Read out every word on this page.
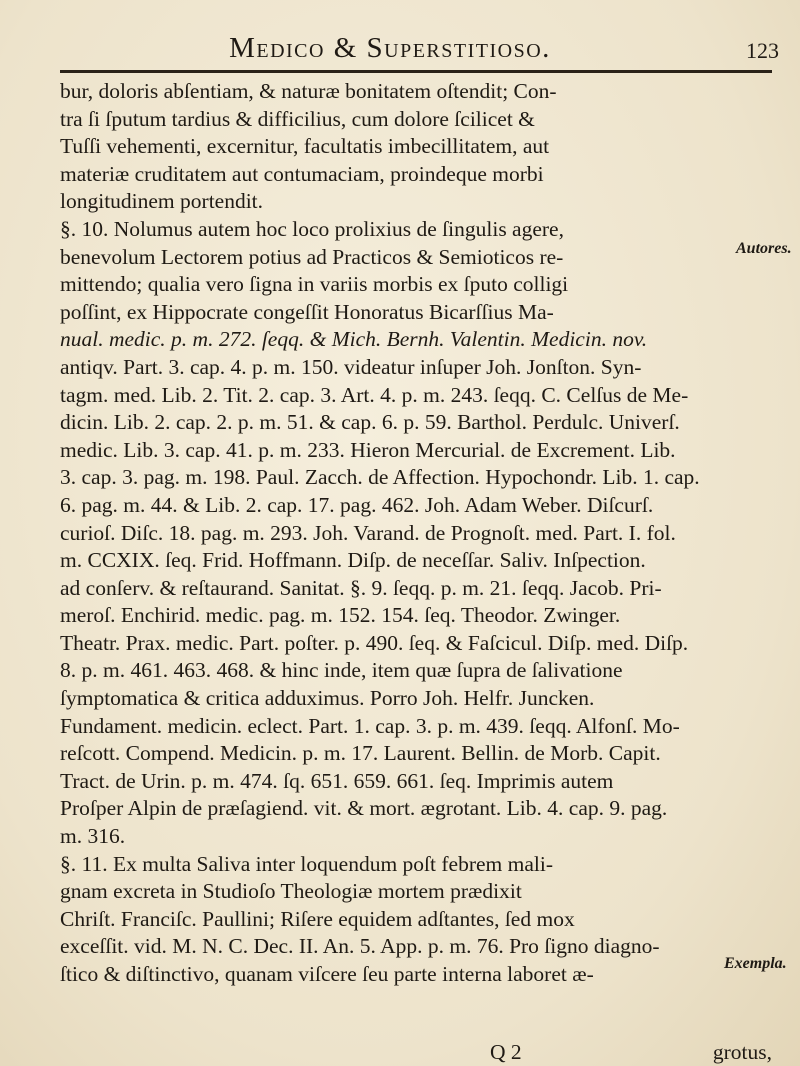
Medico & Superstitioso.	123
bur, doloris abſentiam, & naturæ bonitatem oſtendit; Con-
tra ſi ſputum tardius & difficilius, cum dolore ſcilicet &
Tuſſi vehementi, excernitur, facultatis imbecillitatem, aut
materiæ cruditatem aut contumaciam, proindeque morbi
longitudinem portendit.
§. 10. Nolumus autem hoc loco prolixius de ſingulis agere,
benevolum Lectorem potius ad Practicos & Semioticos re-
mittendo; qualia vero ſigna in variis morbis ex ſputo colligi
poſſint, ex Hippocrate congeſſit Honoratus Bicarſſius Ma-
nual. medic. p. m. 272. ſeqq. & Mich. Bernh. Valentin. Medicin. nov.
antiqv. Part. 3. cap. 4. p. m. 150. videatur inſuper Joh. Jonſton. Syn-
tagm. med. Lib. 2. Tit. 2. cap. 3. Art. 4. p. m. 243. ſeqq. C. Celſus de Me-
dicin. Lib. 2. cap. 2. p. m. 51. & cap. 6. p. 59. Barthol. Perdulc. Univerſ.
medic. Lib. 3. cap. 41. p. m. 233. Hieron Mercurial. de Excrement. Lib.
3. cap. 3. pag. m. 198. Paul. Zacch. de Affection. Hypochondr. Lib. 1. cap.
6. pag. m. 44. & Lib. 2. cap. 17. pag. 462. Joh. Adam Weber. Diſcurſ.
curioſ. Diſc. 18. pag. m. 293. Joh. Varand. de Prognoſt. med. Part. I. fol.
m. CCXIX. ſeq. Frid. Hoffmann. Diſp. de neceſſar. Saliv. Inſpection.
ad conſerv. & reſtaurand. Sanitat. §. 9. ſeqq. p. m. 21. ſeqq. Jacob. Pri-
meroſ. Enchirid. medic. pag. m. 152. 154. ſeq. Theodor. Zwinger.
Theatr. Prax. medic. Part. poſter. p. 490. ſeq. & Faſcicul. Diſp. med. Diſp.
8. p. m. 461. 463. 468. & hinc inde, item quæ ſupra de ſalivatione
ſymptomatica & critica adduximus. Porro Joh. Helfr. Juncken.
Fundament. medicin. eclect. Part. 1. cap. 3. p. m. 439. ſeqq. Alfonſ. Mo-
reſcott. Compend. Medicin. p. m. 17. Laurent. Bellin. de Morb. Capit.
Tract. de Urin. p. m. 474. ſq. 651. 659. 661. ſeq. Imprimis autem
Proſper Alpin de præſagiend. vit. & mort. ægrotant. Lib. 4. cap. 9. pag.
m. 316.
§. 11. Ex multa Saliva inter loquendum poſt febrem mali-
gnam excreta in Studioſo Theologiæ mortem prædixit
Chriſt. Franciſc. Paullini; Riſere equidem adſtantes, ſed mox
exceſſit. vid. M. N. C. Dec. II. An. 5. App. p. m. 76. Pro ſigno diagno-
ſtico & diſtinctivo, quanam viſcere ſeu parte interna laboret æ-
Autores.
Exempla.
Q 2	grotus,
